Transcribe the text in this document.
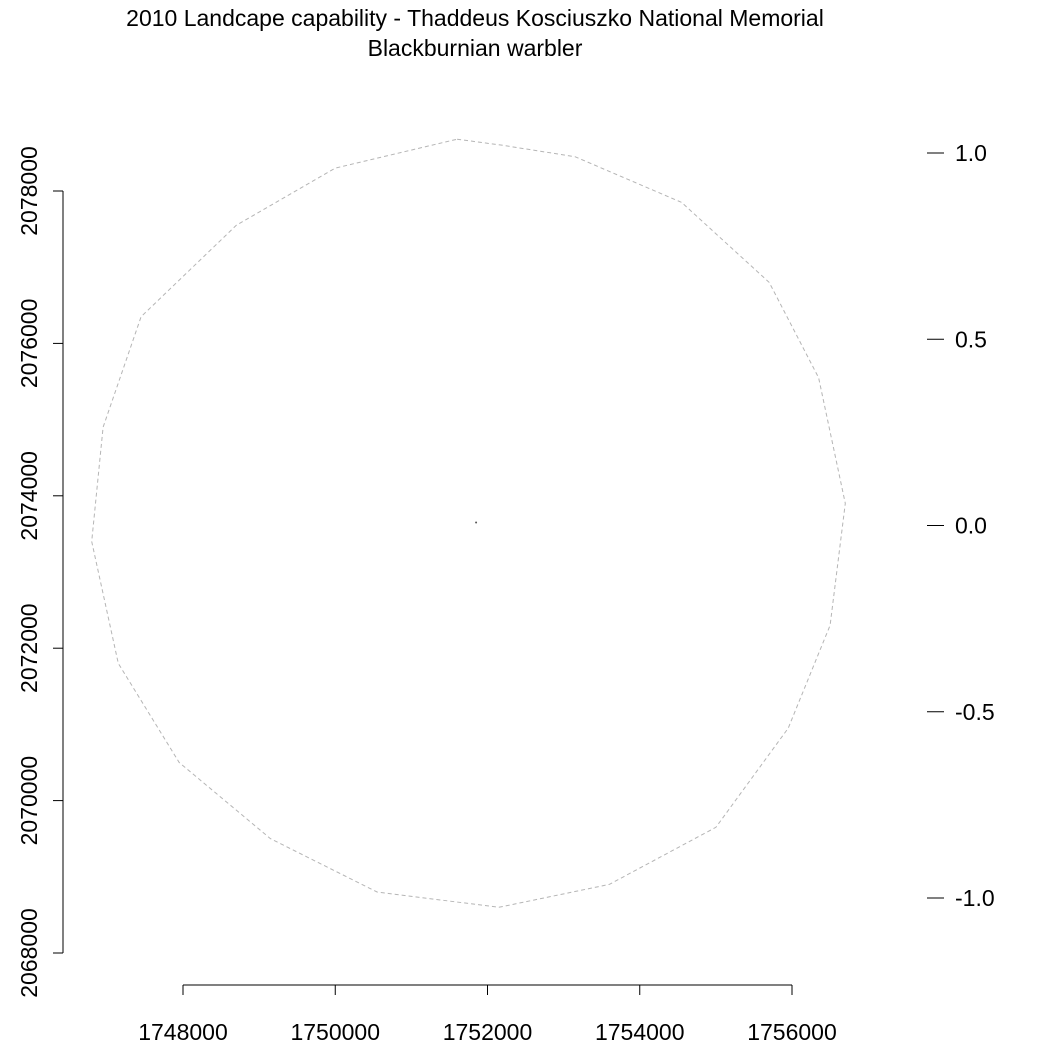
2010 Landcape capability - Thaddeus Kosciuszko National Memorial
Blackburnian warbler
1748000	1750000	1752000	1754000	1756000
2068000
2070000
2072000
2074000
2076000
2078000	1.0
0.5
0.0
-0.5
-1.0
